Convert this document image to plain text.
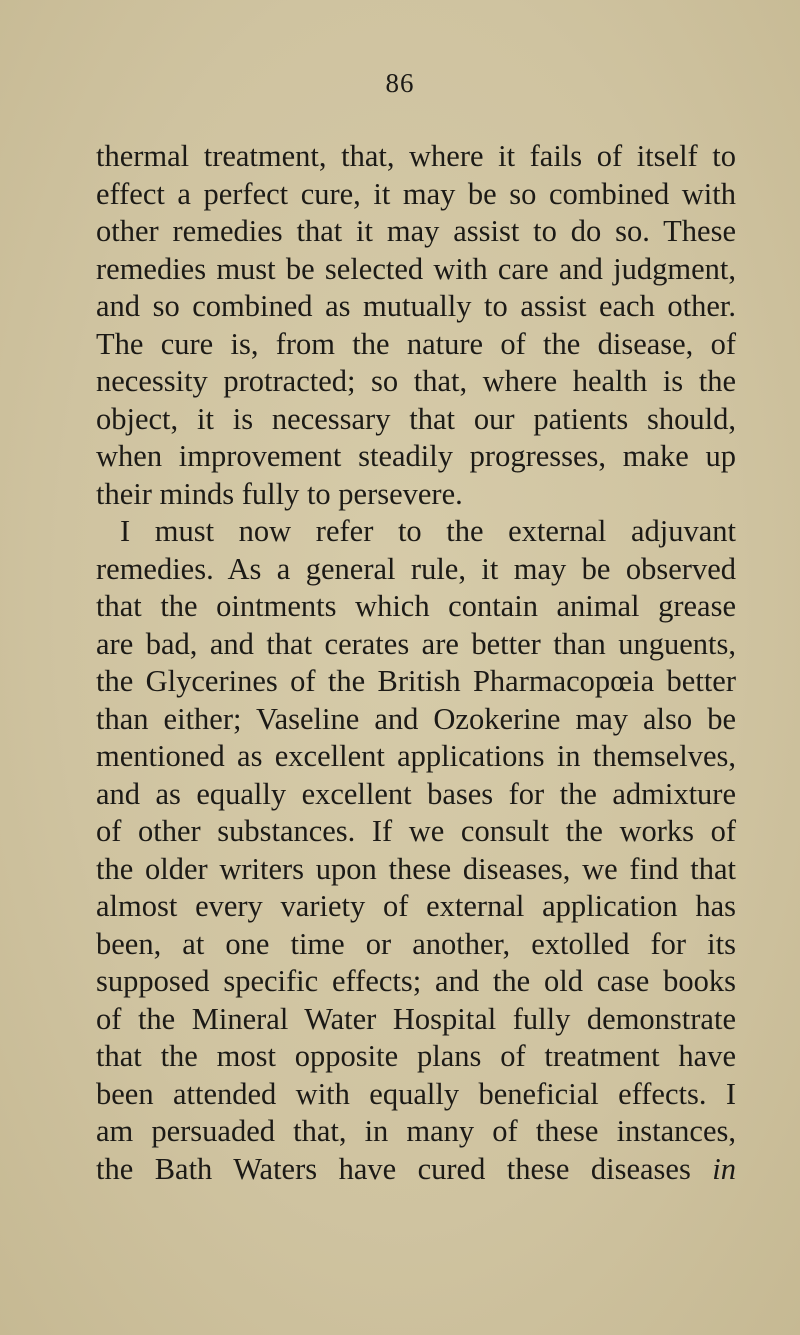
86
thermal treatment, that, where it fails of itself to
effect a perfect cure, it may be so combined with
other remedies that it may assist to do so. These
remedies must be selected with care and judgment,
and so combined as mutually to assist each other.
The cure is, from the nature of the disease, of
necessity protracted; so that, where health is the
object, it is necessary that our patients should,
when improvement steadily progresses, make up
their minds fully to persevere.
I must now refer to the external adjuvant
remedies. As a general rule, it may be observed
that the ointments which contain animal grease
are bad, and that cerates are better than unguents,
the Glycerines of the British Pharmacopœia better
than either; Vaseline and Ozokerine may also be
mentioned as excellent applications in themselves,
and as equally excellent bases for the admixture
of other substances. If we consult the works of
the older writers upon these diseases, we find that
almost every variety of external application has
been, at one time or another, extolled for its
supposed specific effects; and the old case books
of the Mineral Water Hospital fully demonstrate
that the most opposite plans of treatment have
been attended with equally beneficial effects. I
am persuaded that, in many of these instances,
the Bath Waters have cured these diseases in
